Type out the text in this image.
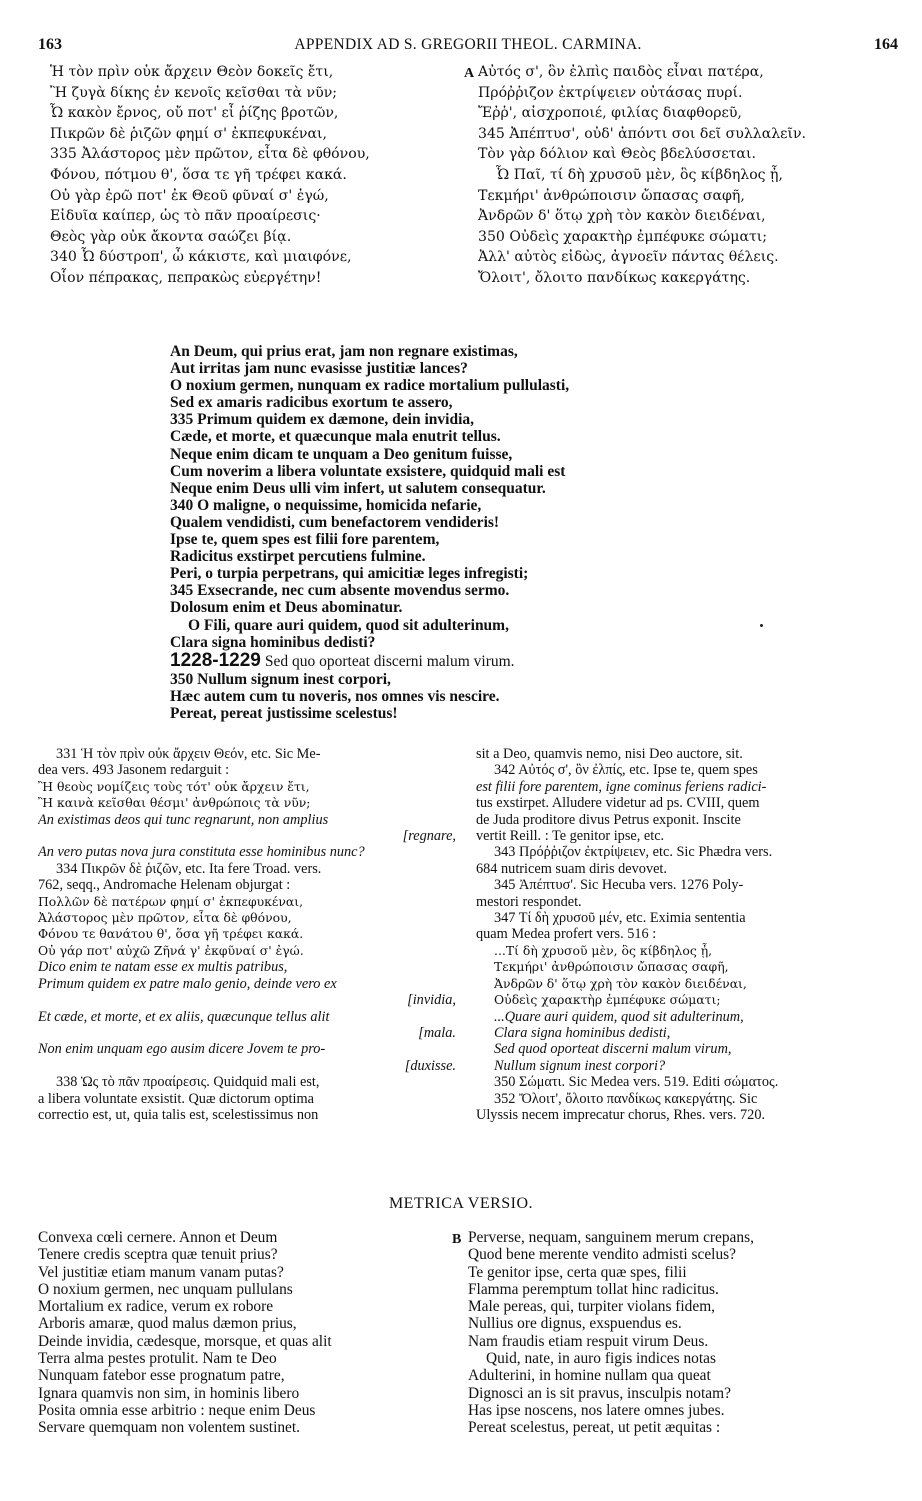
163	APPENDIX AD S. GREGORII THEOL. CARMINA.	164
Ἡ τὸν πρὶν οὐκ ἄρχειν Θεὸν δοκεῖς ἔτι,
Ἢ ζυγὰ δίκης ἐν κενοῖς κεῖσθαι τὰ νῦν;
Ὦ κακὸν ἔρνος, οὔ ποτ' εἶ ῥίζης βροτῶν,
Πικρῶν δὲ ῥιζῶν φημί σ' ἐκπεφυκέναι,
335 Ἀλάστορος μὲν πρῶτον, εἶτα δὲ φθόνου,
Φόνου, πότμου θ', ὅσα τε γῆ τρέφει κακά.
Οὐ γὰρ ἐρῶ ποτ' ἐκ Θεοῦ φῦναί σ' ἐγώ,
Εἰδυῖα καίπερ, ὡς τὸ πᾶν προαίρεσις·
Θεὸς γὰρ οὐκ ἄκοντα σαώζει βίᾳ.
340 Ὦ δύστροπ', ὦ κάκιστε, καὶ μιαιφόνε,
Οἷον πέπρακας, πεπρακὼς εὐεργέτην!
A Αὐτός σ', ὃν ἐλπὶς παιδὸς εἶναι πατέρα,
Πρόῤῥιζον ἐκτρίψειεν οὐτάσας πυρί.
Ἔῤῥ', αἰσχροποιέ, φιλίας διαφθορεῦ,
345 Ἀπέπτυσ', οὐδ' ἀπόντι σοι δεῖ συλλαλεῖν.
Τὸν γὰρ δόλιον καὶ Θεὸς βδελύσσεται.
Ὦ Παῖ, τί δὴ χρυσοῦ μὲν, ὃς κίβδηλος ᾖ,
Τεκμήρι' ἀνθρώποισιν ὤπασας σαφῆ,
Ἀνδρῶν δ' ὅτῳ χρὴ τὸν κακὸν διειδέναι,
350 Οὐδεὶς χαρακτὴρ ἐμπέφυκε σώματι;
Ἀλλ' αὐτὸς εἰδὼς, ἀγνοεῖν πάντας θέλεις.
Ὄλοιτ', ὄλοιτο πανδίκως κακεργάτης.
An Deum, qui prius erat, jam non regnare existimas,
Aut irritas jam nunc evasisse justitiæ lances?
O noxium germen, nunquam ex radice mortalium pullulasti,
Sed ex amaris radicibus exortum te assero,
335 Primum quidem ex dæmone, dein invidia,
Cæde, et morte, et quæcunque mala enutrit tellus.
Neque enim dicam te unquam a Deo genitum fuisse,
Cum noverim a libera voluntate exsistere, quidquid mali est
Neque enim Deus ulli vim infert, ut salutem consequatur.
340 O maligne, o nequissime, homicida nefarie,
Qualem vendidisti, cum benefactorem vendideris!
Ipse te, quem spes est filii fore parentem,
Radicitus exstirpet percutiens fulmine.
Peri, o turpia perpetrans, qui amicitiæ leges infregisti;
345 Exsecrande, nec cum absente movendus sermo.
Dolosum enim et Deus abominatur.
O Fili, quare auri quidem, quod sit adulterinum,
Clara signa hominibus dedisti?
1228-1229 Sed quo oporteat discerni malum virum.
350 Nullum signum inest corpori,
Hæc autem cum tu noveris, nos omnes vis nescire.
Pereat, pereat justissime scelestus!
331 Ἡ τὸν πρὶν οὐκ ἄρχειν Θεόν, etc. Sic Me-
dea vers. 493 Jasonem redarguit :
Ἢ θεοὺς νομίζεις τοὺς τότ' οὐκ ἄρχειν ἔτι,
Ἢ καινὰ κεῖσθαι θέσμι' ἀνθρώποις τὰ νῦν;
An existimas deos qui tunc regnarunt, non amplius
[regnare,
An vero putas nova jura constituta esse hominibus nunc?
334 Πικρῶν δὲ ῥιζῶν, etc. Ita fere Troad. vers.
762, seqq., Andromache Helenam objurgat :
Πολλῶν δὲ πατέρων φημί σ' ἐκπεφυκέναι,
Ἀλάστορος μὲν πρῶτον, εἶτα δὲ φθόνου,
Φόνου τε θανάτου θ', ὅσα γῆ τρέφει κακά.
Οὐ γάρ ποτ' αὐχῶ Ζῆνά γ' ἐκφῦναί σ' ἐγώ.
Dico enim te natam esse ex multis patribus,
Primum quidem ex patre malo genio, deinde vero ex
[invidia,
Et cæde, et morte, et ex aliis, quæcunque tellus alit
[mala.
Non enim unquam ego ausim dicere Jovem te pro-
[duxisse.
338 Ὡς τὸ πᾶν προαίρεσις. Quidquid mali est,
a libera voluntate exsistit. Quæ dictorum optima
correctio est, ut, quia talis est, scelestissimus non
sit a Deo, quamvis nemo, nisi Deo auctore, sit.
342 Αὐτός σ', ὃν ἐλπίς, etc. Ipse te, quem spes
est filii fore parentem, igne cominus feriens radici-
tus exstirpet. Alludere videtur ad ps. CVIII, quem
de Juda proditore divus Petrus exponit. Inscite
vertit Reill. : Te genitor ipse, etc.
343 Πρόῤῥιζον ἐκτρίψειεν, etc. Sic Phædra vers.
684 nutricem suam diris devovet.
345 Ἀπέπτυσ'. Sic Hecuba vers. 1276 Poly-
mestori respondet.
347 Τί δὴ χρυσοῦ μέν, etc. Eximia sententia
quam Medea profert vers. 516 :
...Τί δὴ χρυσοῦ μὲν, ὃς κίβδηλος ᾖ,
Τεκμήρι' ἀνθρώποισιν ὤπασας σαφῆ,
Ἀνδρῶν δ' ὅτῳ χρὴ τὸν κακὸν διειδέναι,
Οὐδεὶς χαρακτὴρ ἐμπέφυκε σώματι;
...Quare auri quidem, quod sit adulterinum,
Clara signa hominibus dedisti,
Sed quod oporteat discerni malum virum,
Nullum signum inest corpori?
350 Σώματι. Sic Medea vers. 519. Editi σώματος.
352 Ὄλοιτ', ὄλοιτο πανδίκως κακεργάτης. Sic
Ulyssis necem imprecatur chorus, Rhes. vers. 720.
METRICA VERSIO.
Convexa cœli cernere. Annon et Deum
Tenere credis sceptra quæ tenuit prius?
Vel justitiæ etiam manum vanam putas?
O noxium germen, nec unquam pullulans
Mortalium ex radice, verum ex robore
Arboris amaræ, quod malus dæmon prius,
Deinde invidia, cædesque, morsque, et quas alit
Terra alma pestes protulit. Nam te Deo
Nunquam fatebor esse prognatum patre,
Ignara quamvis non sim, in hominis libero
Posita omnia esse arbitrio : neque enim Deus
Servare quemquam non volentem sustinet.
B Perverse, nequam, sanguinem merum crepans,
Quod bene merente vendito admisti scelus?
Te genitor ipse, certa quæ spes, filii
Flamma peremptum tollat hinc radicitus.
Male pereas, qui, turpiter violans fidem,
Nullius ore dignus, exspuendus es.
Nam fraudis etiam respuit virum Deus.
Quid, nate, in auro figis indices notas
Adulterini, in homine nullam qua queat
Dignosci an is sit pravus, insculpis notam?
Has ipse noscens, nos latere omnes jubes.
Pereat scelestus, pereat, ut petit æquitas :
